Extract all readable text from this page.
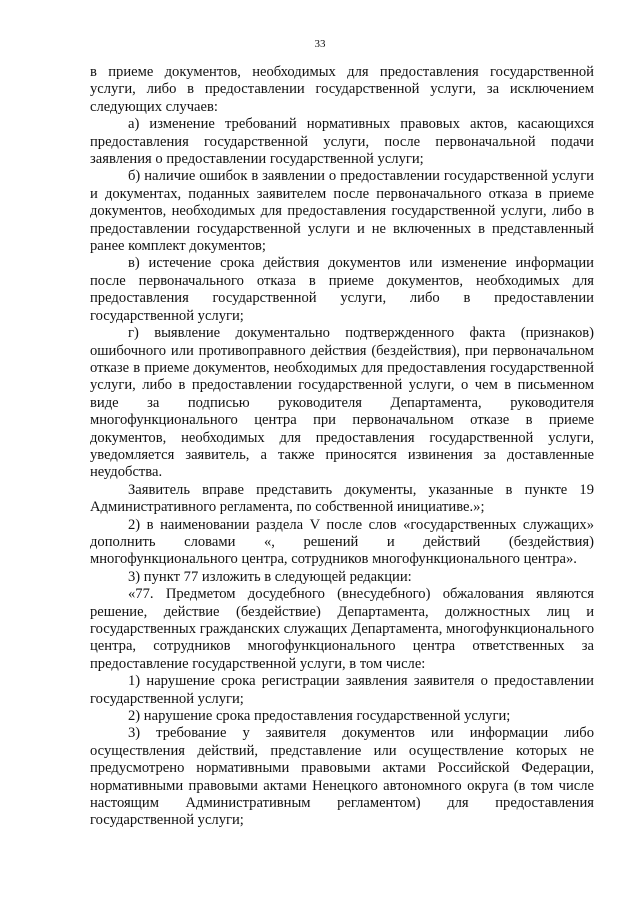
33

в приеме документов, необходимых для предоставления государственной услуги, либо в предоставлении государственной услуги, за исключением следующих случаев:

а) изменение требований нормативных правовых актов, касающихся предоставления государственной услуги, после первоначальной подачи заявления о предоставлении государственной услуги;

б) наличие ошибок в заявлении о предоставлении государственной услуги и документах, поданных заявителем после первоначального отказа в приеме документов, необходимых для предоставления государственной услуги, либо в предоставлении государственной услуги и не включенных в представленный ранее комплект документов;

в) истечение срока действия документов или изменение информации после первоначального отказа в приеме документов, необходимых для предоставления государственной услуги, либо в предоставлении государственной услуги;

г) выявление документально подтвержденного факта (признаков) ошибочного или противоправного действия (бездействия), при первоначальном отказе в приеме документов, необходимых для предоставления государственной услуги, либо в предоставлении государственной услуги, о чем в письменном виде за подписью руководителя Департамента, руководителя многофункционального центра при первоначальном отказе в приеме документов, необходимых для предоставления государственной услуги, уведомляется заявитель, а также приносятся извинения за доставленные неудобства.

Заявитель вправе представить документы, указанные в пункте 19 Административного регламента, по собственной инициативе.»;

2) в наименовании раздела V после слов «государственных служащих» дополнить словами «, решений и действий (бездействия) многофункционального центра, сотрудников многофункционального центра».

3) пункт 77 изложить в следующей редакции:

«77. Предметом досудебного (внесудебного) обжалования являются решение, действие (бездействие) Департамента, должностных лиц и государственных гражданских служащих Департамента, многофункционального центра, сотрудников многофункционального центра ответственных за предоставление государственной услуги, в том числе:

1) нарушение срока регистрации заявления заявителя о предоставлении государственной услуги;

2) нарушение срока предоставления государственной услуги;

3) требование у заявителя документов или информации либо осуществления действий, представление или осуществление которых не предусмотрено нормативными правовыми актами Российской Федерации, нормативными правовыми актами Ненецкого автономного округа (в том числе настоящим Административным регламентом) для предоставления государственной услуги;
